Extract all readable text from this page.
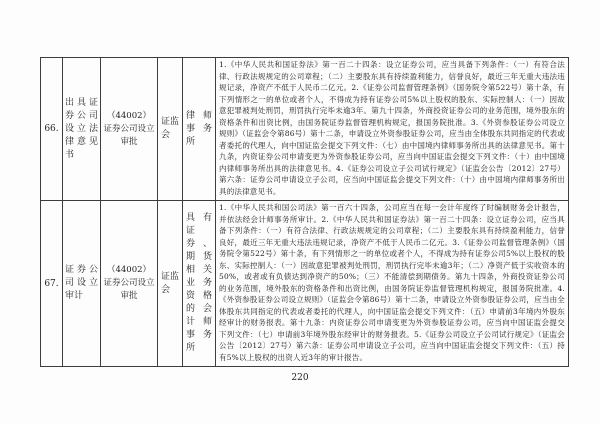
66.	出具证券公司设立法律意见书	（44002）证券公司设立审批	证监会	律师事务所	1.《中华人民共和国证券法》第一百二十四条：设立证券公司，应当具备下列条件：（一）有符合法律、行政法规规定的公司章程；（二）主要股东具有持续盈利能力，信誉良好，最近三年无重大违法违规记录，净资产不低于人民币二亿元。2.《证券公司监督管理条例》（国务院令第522号）第十条，有下列情形之一的单位或者个人，不得成为持有证券公司5%以上股权的股东、实际控制人：（一）因故意犯罪被判处刑罚，刑罚执行完毕未逾3年。第九十四条，外商投资证券公司的业务范围，境外股东的资格条件和出资比例，由国务院证券监督管理机构规定，报国务院批准。3.《外资参股证券公司设立规则》（证监会令第86号）第十二条，申请设立外资参股证券公司，应当由全体股东共同指定的代表或者委托的代理人，向中国证监会提交下列文件：（七）由中国境内律师事务所出具的法律意见书。第十九条，内资证券公司申请变更为外资参股证券公司，应当向中国证监会提交下列文件：（十）由中国境内律师事务所出具的法律意见书。4.《证券公司设立子公司试行规定》（证监会公告〔2012〕27号）第六条：证券公司申请设立子公司，应当向中国证监会提交下列文件：（十）由中国境内律师事务所出具的法律意见书。
67.	证券公司设立审计	（44002）证券公司设立审批	证监会	具有证券、期货相关业务资格的会计师事务所	1.《中华人民共和国公司法》第一百六十四条，公司应当在每一会计年度终了时编制财务会计报告，并依法经会计师事务所审计。2.《中华人民共和国证券法》第一百二十四条：设立证券公司，应当具备下列条件：（一）有符合法律、行政法规规定的公司章程；（二）主要股东具有持续盈利能力，信誉良好，最近三年无重大违法违规记录，净资产不低于人民币二亿元。3.《证券公司监督管理条例》（国务院令第522号）第十条，有下列情形之一的单位或者个人，不得成为持有证券公司5%以上股权的股东、实际控制人：（一）因故意犯罪被判处刑罚，刑罚执行完毕未逾3年；（二）净资产低于实收资本的50%，或者或有负债达到净资产的50%；（三）不能清偿到期债务。第九十四条，外商投资证券公司的业务范围，境外股东的资格条件和出资比例，由国务院证券监督管理机构规定，报国务院批准。4.《外资参股证券公司设立规则》（证监会令第86号）第十二条，申请设立外资参股证券公司，应当由全体股东共同指定的代表或者委托的代理人，向中国证监会提交下列文件：（五）申请前3年境内外股东经审计的财务报表。第十九条：内资证券公司申请变更为外资参股证券公司，应当向中国证监会提交下列文件：（七）申请前3年境外股东经审计的财务报表。5.《证券公司设立子公司试行规定》（证监会公告〔2012〕27号）第六条：证券公司申请设立子公司，应当向中国证监会提交下列文件：（五）持有5%以上股权的出资人近3年的审计报告。
220
